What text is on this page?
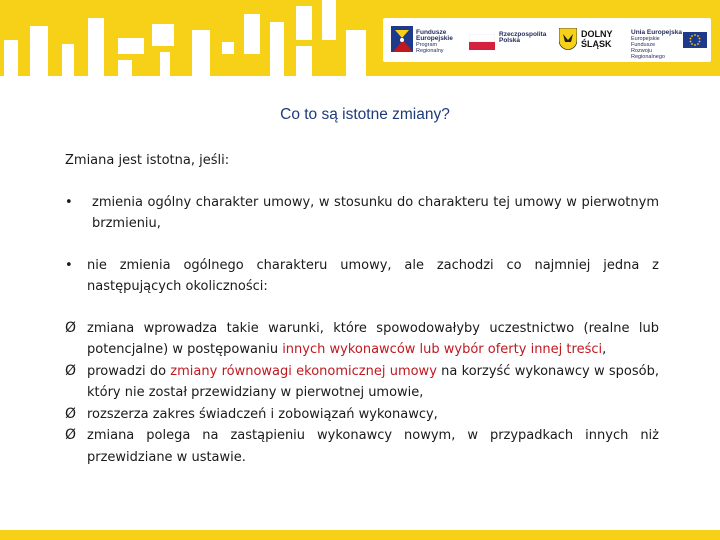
Fundusze
Europejskie
Program Regionalny
Rzeczpospolita
Polska
DOLNY
ŚLĄSK
Unia Europejska
Europejskie Fundusze
Rozwoju Regionalnego
Co to są istotne zmiany?

Zmiana jest istotna, jeśli:

• zmienia ogólny charakter umowy, w stosunku do charakteru tej umowy w pierwotnym brzmieniu,
• nie zmienia ogólnego charakteru umowy, ale zachodzi co najmniej jedna z następujących okoliczności:
Ø zmiana wprowadza takie warunki, które spowodowałyby uczestnictwo (realne lub potencjalne) w postępowaniu innych wykonawców lub wybór oferty innej treści,
Ø prowadzi do zmiany równowagi ekonomicznej umowy na korzyść wykonawcy w sposób, który nie został przewidziany w pierwotnej umowie,
Ø rozszerza zakres świadczeń i zobowiązań wykonawcy,
Ø zmiana polega na zastąpieniu wykonawcy nowym, w przypadkach innych niż przewidziane w ustawie.
